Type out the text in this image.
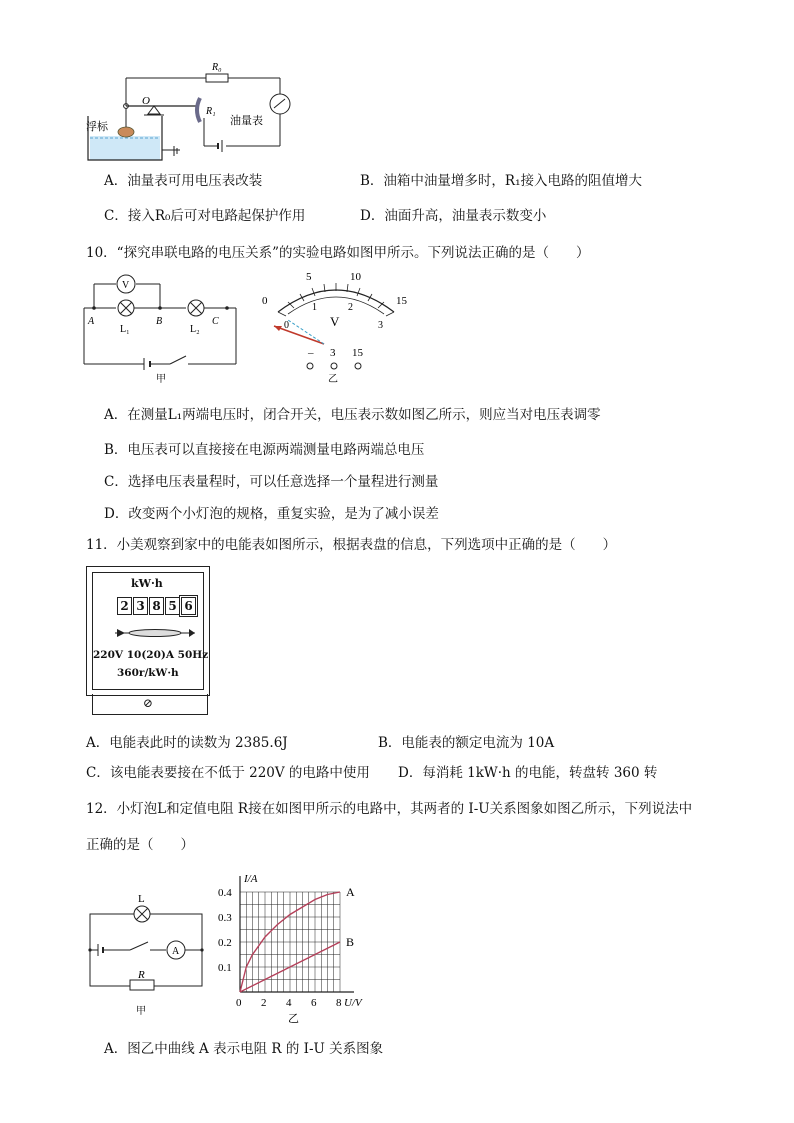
浮标
O
R₀
R₁
油量表
A．油量表可用电压表改装	B．油箱中油量增多时，R₁接入电路的阻值增大
C．接入R₀后可对电路起保护作用	D．油面升高，油量表示数变小
10．“探究串联电路的电压关系”的实验电路如图甲所示。下列说法正确的是（　　）
V
A	B	C
L₁	L₂
甲
0
5	10
15
0
1	2
3
V
– 3 15
乙
A．在测量L₁两端电压时，闭合开关，电压表示数如图乙所示，则应当对电压表调零
B．电压表可以直接接在电源两端测量电路两端总电压
C．选择电压表量程时，可以任意选择一个量程进行测量
D．改变两个小灯泡的规格，重复实验，是为了减小误差
11．小美观察到家中的电能表如图所示，根据表盘的信息，下列选项中正确的是（　　）
kW·h
2 3 8 5 6
220V 10(20)A 50Hz
360r/kW·h
⊘
A．电能表此时的读数为 2385.6J	B．电能表的额定电流为 10A
C．该电能表要接在不低于 220V 的电路中使用 D．每消耗 1kW·h 的电能，转盘转 360 转
12．小灯泡L和定值电阻 R接在如图甲所示的电路中，其两者的 I-U关系图象如图乙所示，下列说法中
正确的是（　　）
L
A
R
甲
0 2 4 6 8
0.1
0.2
0.3
0.4
I/A
U/V
A
B
乙
A．图乙中曲线 A 表示电阻 R 的 I-U 关系图象
